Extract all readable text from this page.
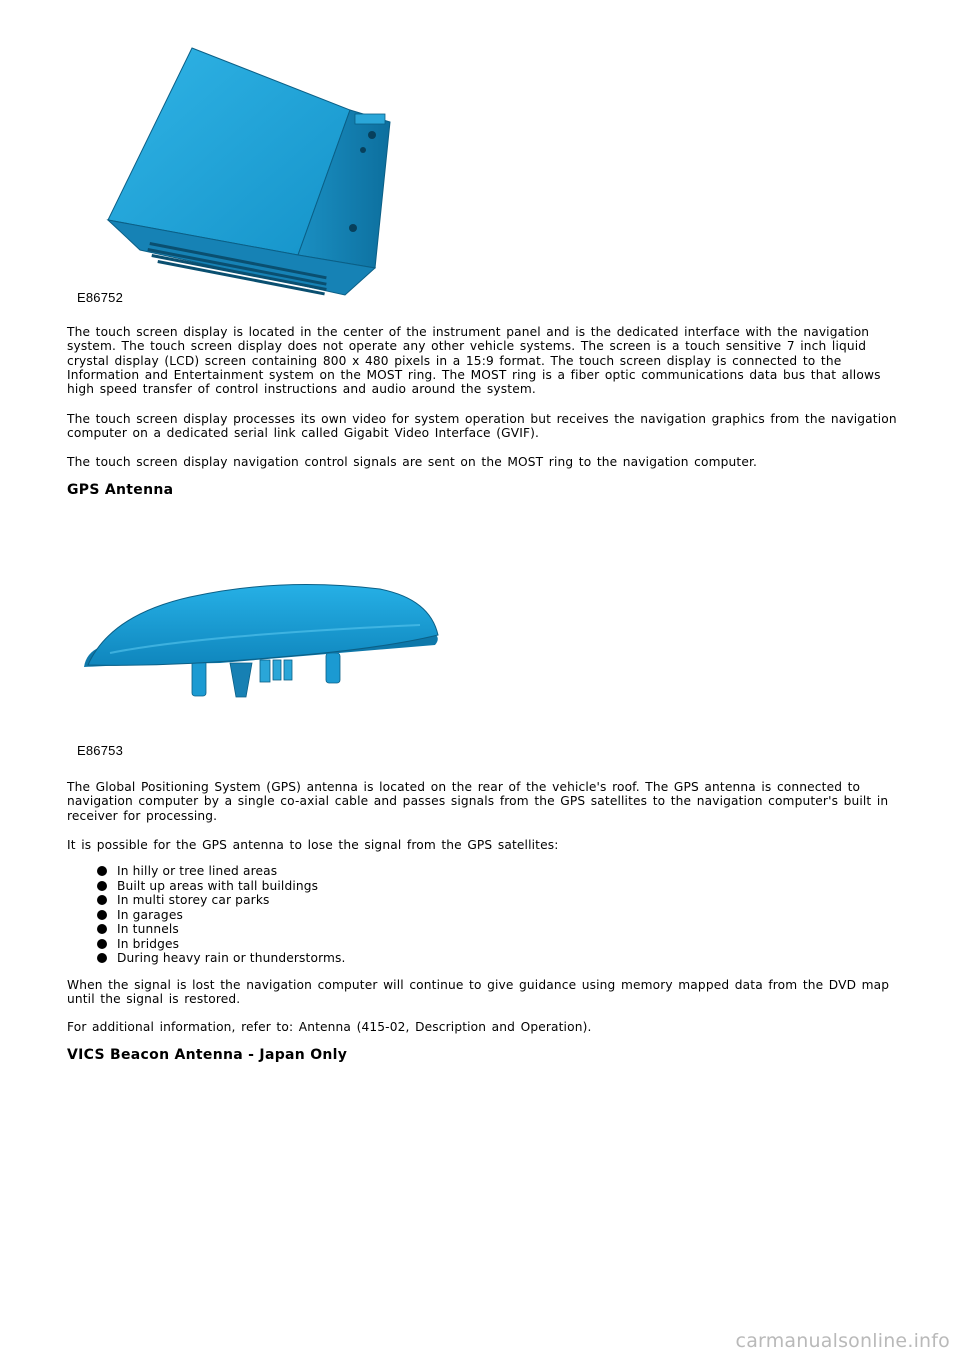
E86752

The touch screen display is located in the center of the instrument panel and is the dedicated interface with the navigation system. The touch screen display does not operate any other vehicle systems. The screen is a touch sensitive 7 inch liquid crystal display (LCD) screen containing 800 x 480 pixels in a 15:9 format. The touch screen display is connected to the Information and Entertainment system on the MOST ring. The MOST ring is a fiber optic communications data bus that allows high speed transfer of control instructions and audio around the system.

The touch screen display processes its own video for system operation but receives the navigation graphics from the navigation computer on a dedicated serial link called Gigabit Video Interface (GVIF).

The touch screen display navigation control signals are sent on the MOST ring to the navigation computer.

GPS Antenna
E86753

The Global Positioning System (GPS) antenna is located on the rear of the vehicle's roof. The GPS antenna is connected to navigation computer by a single co-axial cable and passes signals from the GPS satellites to the navigation computer's built in receiver for processing.

It is possible for the GPS antenna to lose the signal from the GPS satellites:

In hilly or tree lined areas
Built up areas with tall buildings
In multi storey car parks
In garages
In tunnels
In bridges
During heavy rain or thunderstorms.

When the signal is lost the navigation computer will continue to give guidance using memory mapped data from the DVD map until the signal is restored.

For additional information, refer to: Antenna (415-02, Description and Operation).

VICS Beacon Antenna - Japan Only
carmanualsonline.info
